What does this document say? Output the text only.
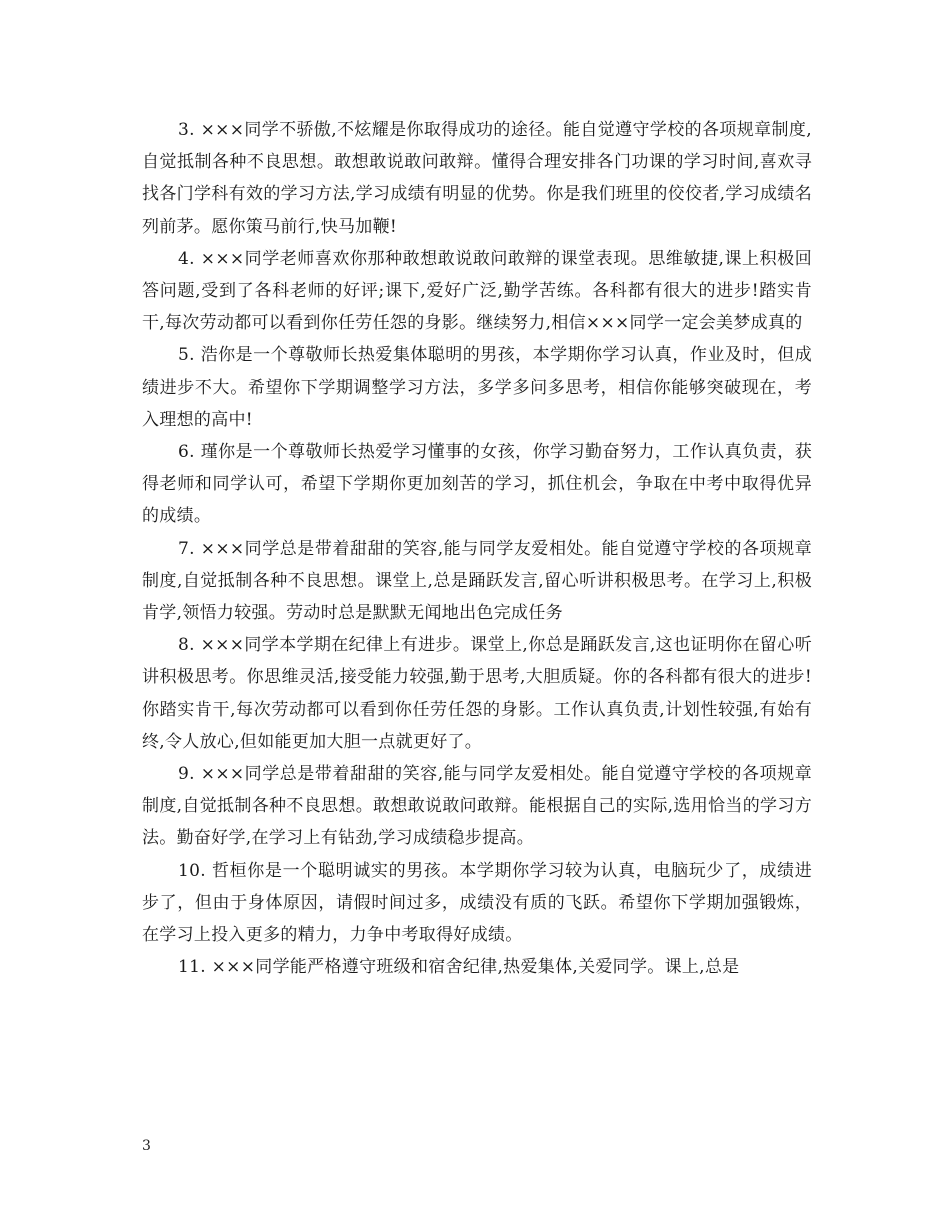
3. ×××同学不骄傲,不炫耀是你取得成功的途径。能自觉遵守学校的各项规章制度,自觉抵制各种不良思想。敢想敢说敢问敢辩。懂得合理安排各门功课的学习时间,喜欢寻找各门学科有效的学习方法,学习成绩有明显的优势。你是我们班里的佼佼者,学习成绩名列前茅。愿你策马前行,快马加鞭!

4. ×××同学老师喜欢你那种敢想敢说敢问敢辩的课堂表现。思维敏捷,课上积极回答问题,受到了各科老师的好评;课下,爱好广泛,勤学苦练。各科都有很大的进步!踏实肯干,每次劳动都可以看到你任劳任怨的身影。继续努力,相信×××同学一定会美梦成真的

5. 浩你是一个尊敬师长热爱集体聪明的男孩，本学期你学习认真，作业及时，但成绩进步不大。希望你下学期调整学习方法，多学多问多思考，相信你能够突破现在，考入理想的高中!

6. 瑾你是一个尊敬师长热爱学习懂事的女孩，你学习勤奋努力，工作认真负责，获得老师和同学认可，希望下学期你更加刻苦的学习，抓住机会，争取在中考中取得优异的成绩。

7. ×××同学总是带着甜甜的笑容,能与同学友爱相处。能自觉遵守学校的各项规章制度,自觉抵制各种不良思想。课堂上,总是踊跃发言,留心听讲积极思考。在学习上,积极肯学,领悟力较强。劳动时总是默默无闻地出色完成任务

8. ×××同学本学期在纪律上有进步。课堂上,你总是踊跃发言,这也证明你在留心听讲积极思考。你思维灵活,接受能力较强,勤于思考,大胆质疑。你的各科都有很大的进步!你踏实肯干,每次劳动都可以看到你任劳任怨的身影。工作认真负责,计划性较强,有始有终,令人放心,但如能更加大胆一点就更好了。

9. ×××同学总是带着甜甜的笑容,能与同学友爱相处。能自觉遵守学校的各项规章制度,自觉抵制各种不良思想。敢想敢说敢问敢辩。能根据自己的实际,选用恰当的学习方法。勤奋好学,在学习上有钻劲,学习成绩稳步提高。

10. 哲桓你是一个聪明诚实的男孩。本学期你学习较为认真，电脑玩少了，成绩进步了，但由于身体原因，请假时间过多，成绩没有质的飞跃。希望你下学期加强锻炼，在学习上投入更多的精力，力争中考取得好成绩。

11. ×××同学能严格遵守班级和宿舍纪律,热爱集体,关爱同学。课上,总是

3
